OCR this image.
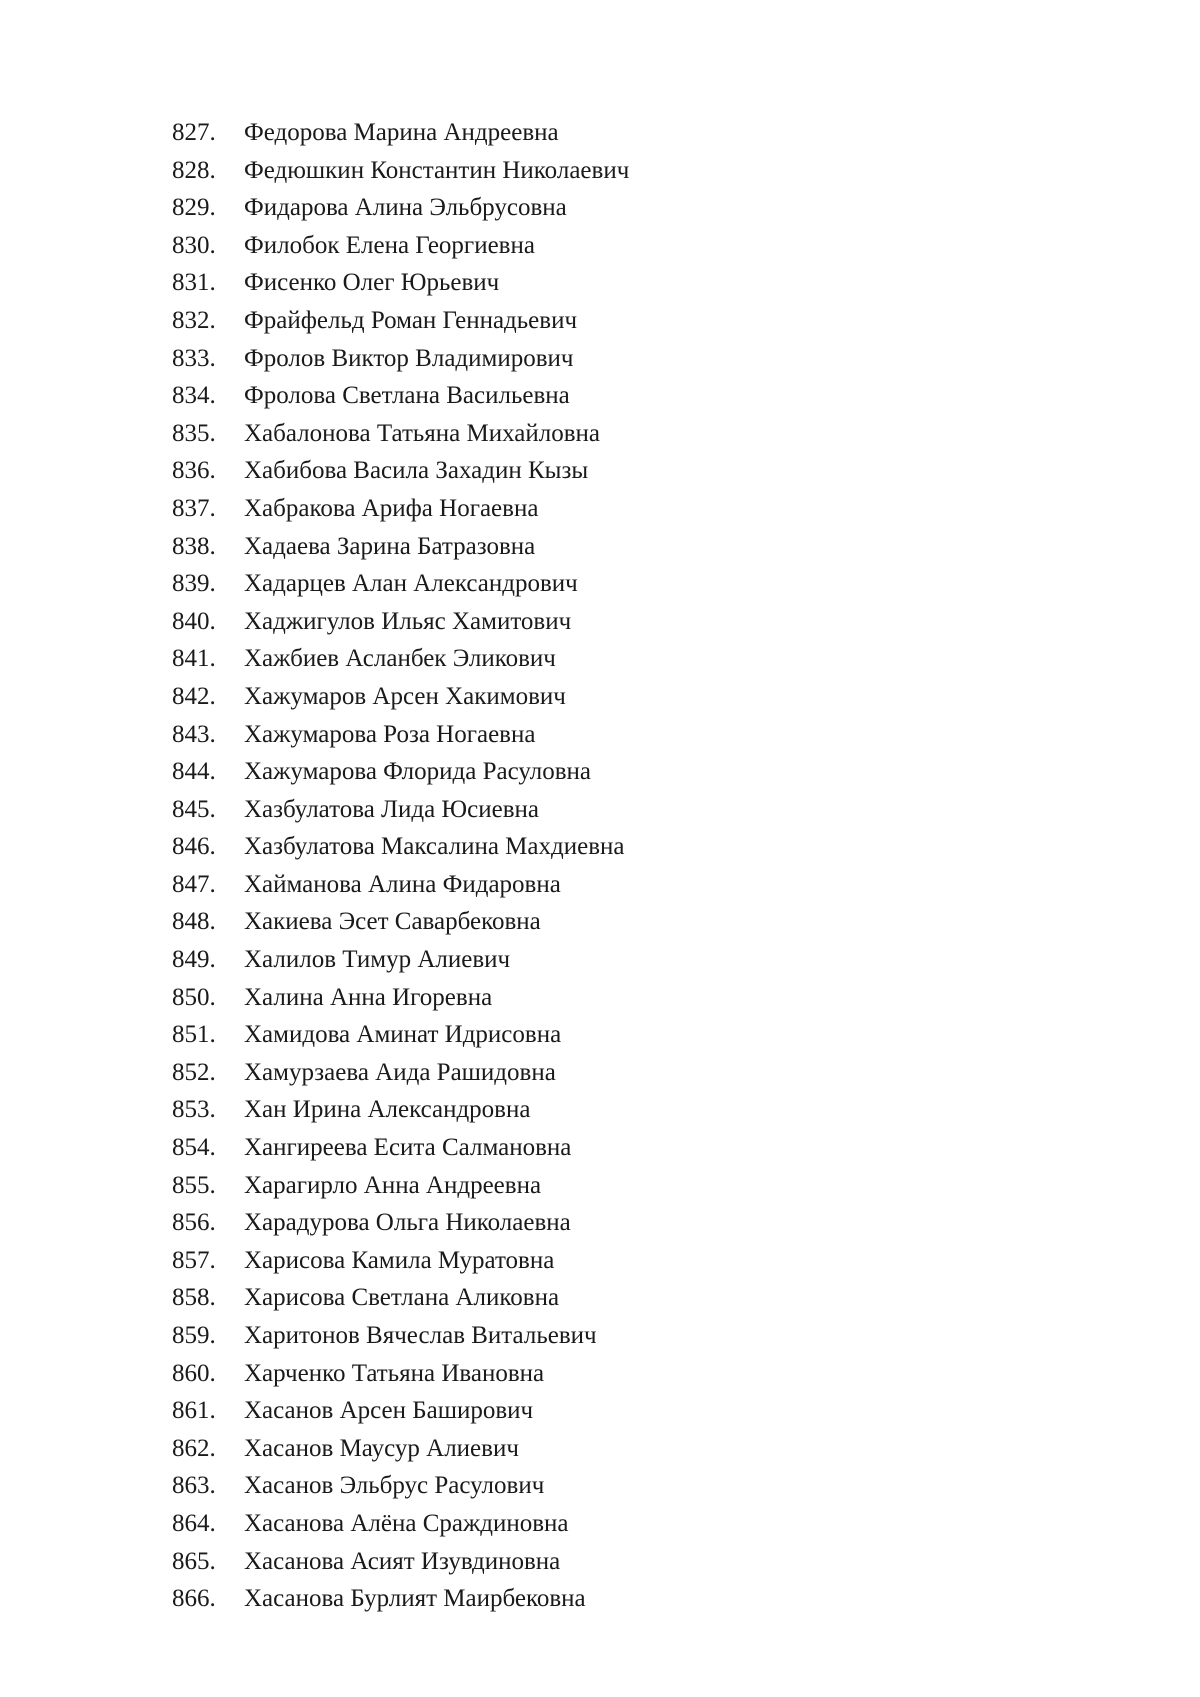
827.	Федорова Марина Андреевна
828.	Федюшкин Константин Николаевич
829.	Фидарова Алина Эльбрусовна
830.	Филобок Елена Георгиевна
831.	Фисенко Олег Юрьевич
832.	Фрайфельд Роман Геннадьевич
833.	Фролов Виктор Владимирович
834.	Фролова Светлана Васильевна
835.	Хабалонова Татьяна Михайловна
836.	Хабибова Васила Захадин Кызы
837.	Хабракова Арифа Ногаевна
838.	Хадаева Зарина Батразовна
839.	Хадарцев Алан Александрович
840.	Хаджигулов Ильяс Хамитович
841.	Хажбиев Асланбек Эликович
842.	Хажумаров Арсен Хакимович
843.	Хажумарова Роза Ногаевна
844.	Хажумарова Флорида Расуловна
845.	Хазбулатова Лида Юсиевна
846.	Хазбулатова Максалина Махдиевна
847.	Хайманова Алина Фидаровна
848.	Хакиева Эсет Саварбековна
849.	Халилов Тимур Алиевич
850.	Халина Анна Игоревна
851.	Хамидова Аминат Идрисовна
852.	Хамурзаева Аида Рашидовна
853.	Хан Ирина Александровна
854.	Хангиреева Есита Салмановна
855.	Харагирло Анна Андреевна
856.	Харадурова Ольга Николаевна
857.	Харисова Камила Муратовна
858.	Харисова Светлана Аликовна
859.	Харитонов Вячеслав Витальевич
860.	Харченко Татьяна Ивановна
861.	Хасанов Арсен Баширович
862.	Хасанов Маусур Алиевич
863.	Хасанов Эльбрус Расулович
864.	Хасанова Алёна Сраждиновна
865.	Хасанова Асият Изувдиновна
866.	Хасанова Бурлият Маирбековна
